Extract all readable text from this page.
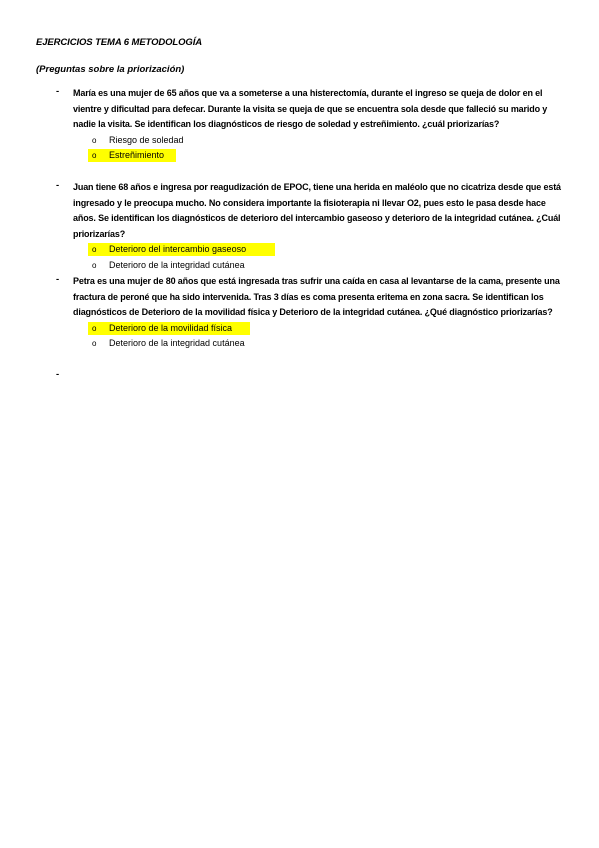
EJERCICIOS TEMA 6 METODOLOGÍA
(Preguntas sobre la priorización)
- María es una mujer de 65 años que va a someterse a una histerectomía, durante el ingreso se queja de dolor en el vientre y dificultad para defecar. Durante la visita se queja de que se encuentra sola desde que falleció su marido y nadie la visita. Se identifican los diagnósticos de riesgo de soledad y estreñimiento. ¿cuál priorizarías?
o Riesgo de soledad
o Estreñimiento
- Juan tiene 68 años e ingresa por reagudización de EPOC, tiene una herida en maléolo que no cicatriza desde que está ingresado y le preocupa mucho. No considera importante la fisioterapia ni llevar O2, pues esto le pasa desde hace años. Se identifican los diagnósticos de deterioro del intercambio gaseoso y deterioro de la integridad cutánea. ¿Cuál priorizarías?
o Deterioro del intercambio gaseoso
o Deterioro de la integridad cutánea
- Petra es una mujer de 80 años que está ingresada tras sufrir una caída en casa al levantarse de la cama, presente una fractura de peroné que ha sido intervenida. Tras 3 días es coma presenta eritema en zona sacra. Se identifican los diagnósticos de Deterioro de la movilidad física y Deterioro de la integridad cutánea. ¿Qué diagnóstico priorizarías?
o Deterioro de la movilidad física
o Deterioro de la integridad cutánea
-
